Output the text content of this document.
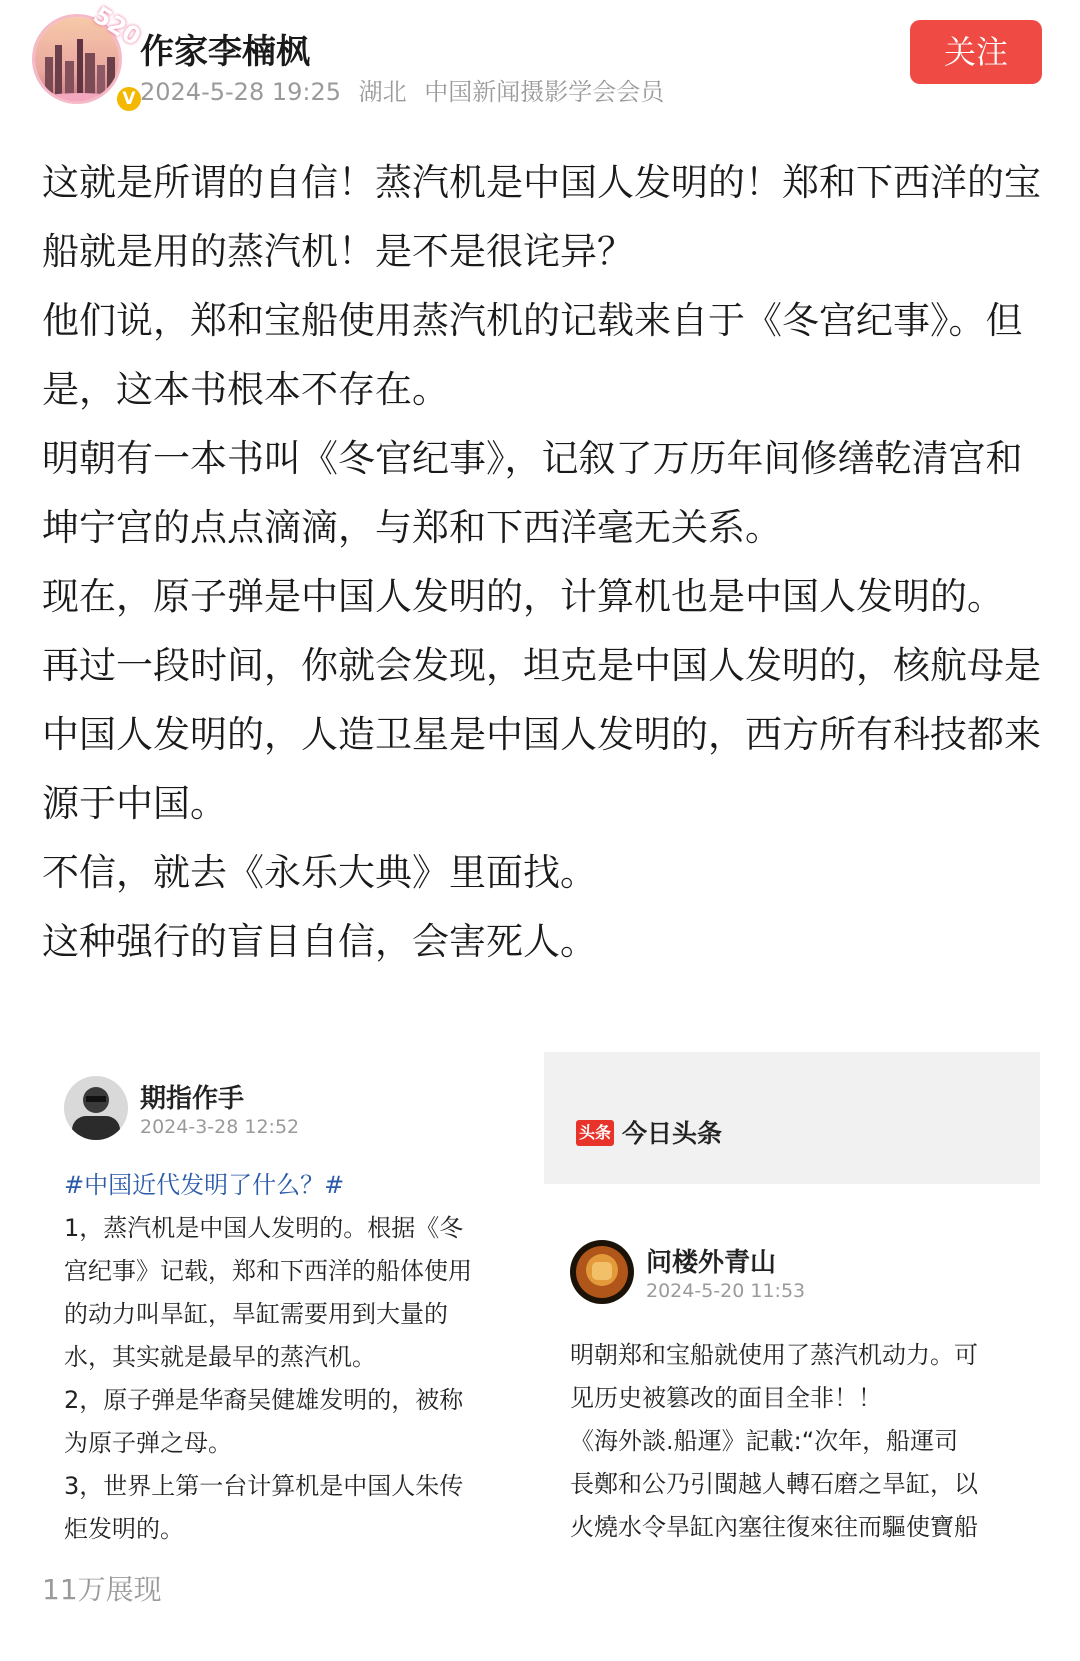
520
V
作家李楠枫
2024-5-28 19:25 湖北 中国新闻摄影学会会员
关注

这就是所谓的自信！蒸汽机是中国人发明的！郑和下西洋的宝船就是用的蒸汽机！是不是很诧异？

他们说，郑和宝船使用蒸汽机的记载来自于《冬宫纪事》。但是，这本书根本不存在。

明朝有一本书叫《冬官纪事》，记叙了万历年间修缮乾清宫和坤宁宫的点点滴滴，与郑和下西洋毫无关系。

现在，原子弹是中国人发明的，计算机也是中国人发明的。

再过一段时间，你就会发现，坦克是中国人发明的，核航母是中国人发明的，人造卫星是中国人发明的，西方所有科技都来源于中国。

不信，就去《永乐大典》里面找。

这种强行的盲目自信，会害死人。

期指作手
2024-3-28 12:52
#中国近代发明了什么？#
1，蒸汽机是中国人发明的。根据《冬
宫纪事》记载，郑和下西洋的船体使用
的动力叫旱缸，旱缸需要用到大量的
水，其实就是最早的蒸汽机。
2，原子弹是华裔吴健雄发明的，被称
为原子弹之母。
3，世界上第一台计算机是中国人朱传
炬发明的。
头条 今日头条
问楼外青山
2024-5-20 11:53
明朝郑和宝船就使用了蒸汽机动力。可
见历史被篡改的面目全非！！
《海外談.船運》記載:“次年，船運司
長鄭和公乃引閩越人轉石磨之旱缸，以
火燒水令旱缸內塞往復來往而驅使寶船
11万展现
